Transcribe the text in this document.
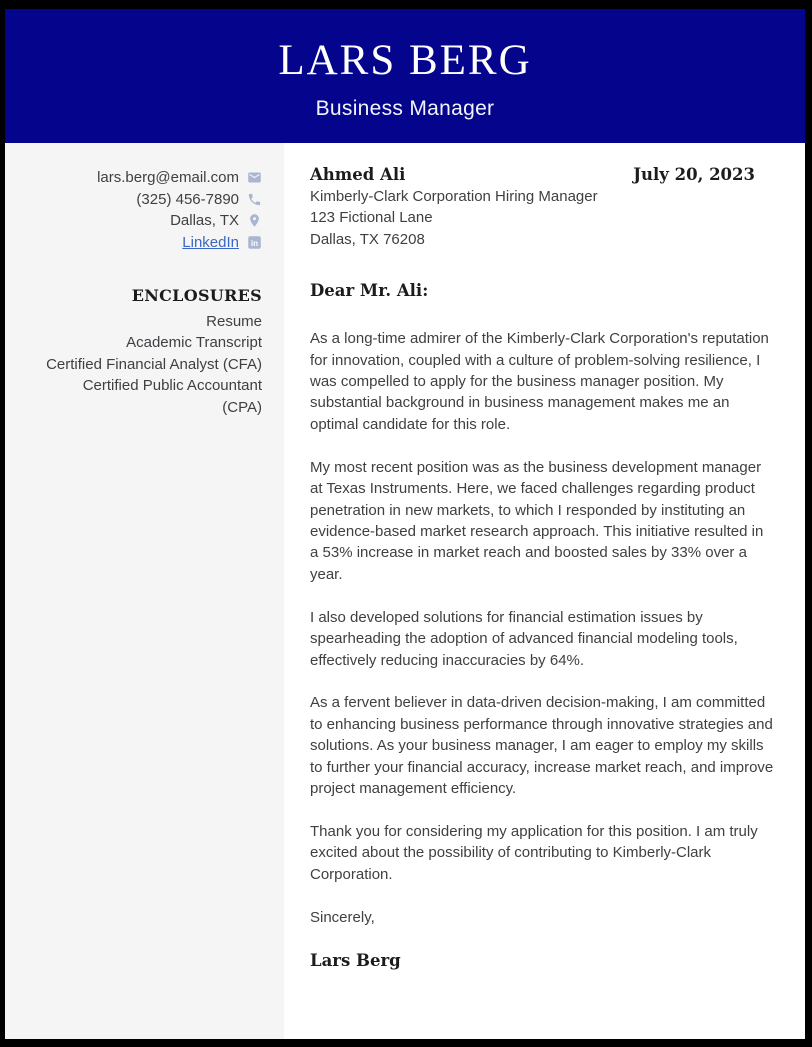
LARS BERG
Business Manager
lars.berg@email.com
(325) 456-7890
Dallas, TX
LinkedIn in
ENCLOSURES
Resume
Academic Transcript
Certified Financial Analyst (CFA)
Certified Public Accountant (CPA)
Ahmed Ali	July 20, 2023
Kimberly-Clark Corporation Hiring Manager
123 Fictional Lane
Dallas, TX 76208
Dear Mr. Ali:

As a long-time admirer of the Kimberly-Clark Corporation's reputation for innovation, coupled with a culture of problem-solving resilience, I was compelled to apply for the business manager position. My substantial background in business management makes me an optimal candidate for this role.

My most recent position was as the business development manager at Texas Instruments. Here, we faced challenges regarding product penetration in new markets, to which I responded by instituting an evidence-based market research approach. This initiative resulted in a 53% increase in market reach and boosted sales by 33% over a year.

I also developed solutions for financial estimation issues by spearheading the adoption of advanced financial modeling tools, effectively reducing inaccuracies by 64%.

As a fervent believer in data-driven decision-making, I am committed to enhancing business performance through innovative strategies and solutions. As your business manager, I am eager to employ my skills to further your financial accuracy, increase market reach, and improve project management efficiency.

Thank you for considering my application for this position. I am truly excited about the possibility of contributing to Kimberly-Clark Corporation.

Sincerely,
Lars Berg
